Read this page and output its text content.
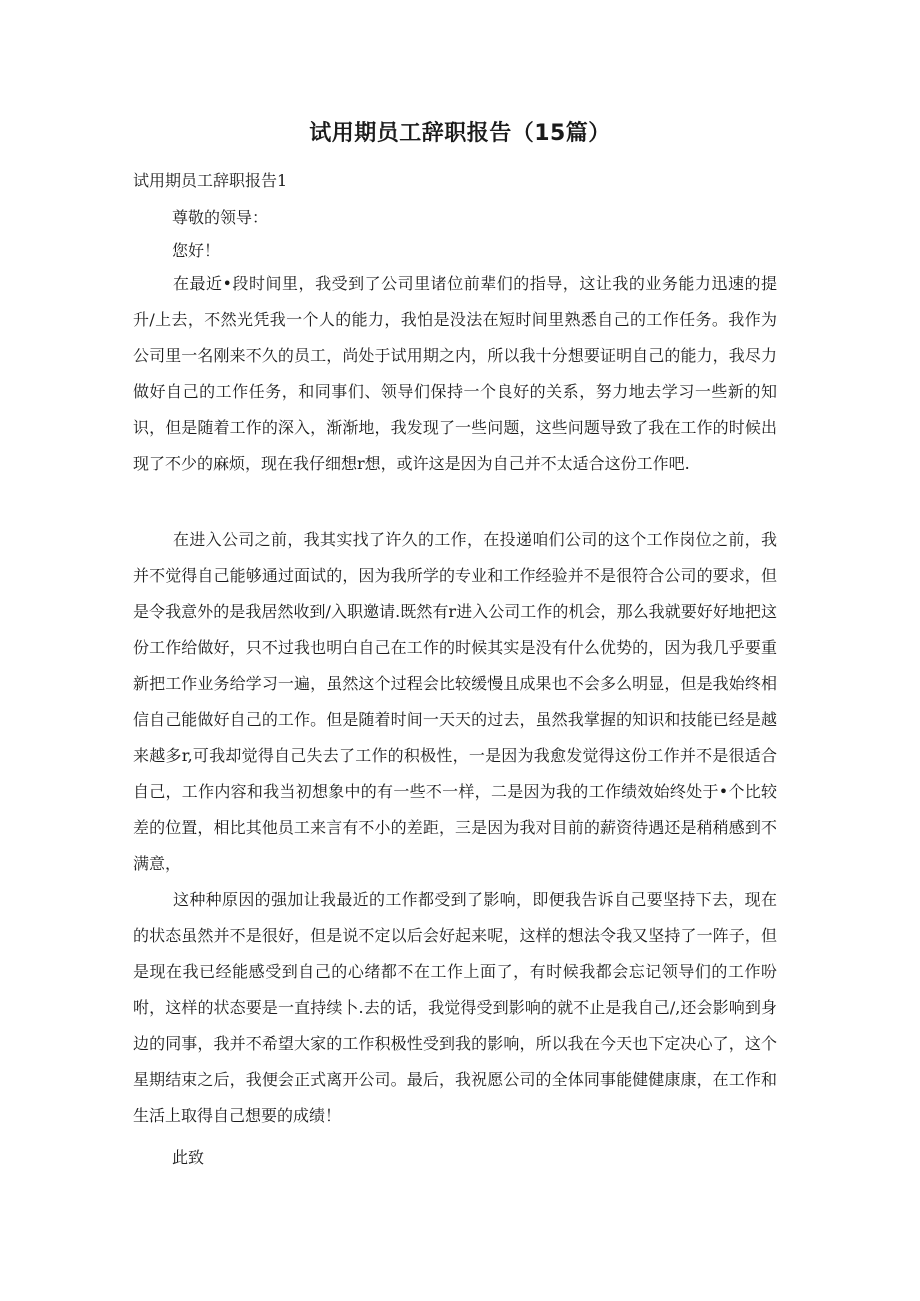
试用期员工辞职报告（15篇）

试用期员工辞职报告1

尊敬的领导：

您好！

在最近•段时间里，我受到了公司里诸位前辈们的指导，这让我的业务能力迅速的提升/上去，不然光凭我一个人的能力，我怕是没法在短时间里熟悉自己的工作任务。我作为公司里一名刚来不久的员工，尚处于试用期之内，所以我十分想要证明自己的能力，我尽力做好自己的工作任务，和同事们、领导们保持一个良好的关系，努力地去学习一些新的知识，但是随着工作的深入，渐渐地，我发现了一些问题，这些问题导致了我在工作的时候出现了不少的麻烦，现在我仔细想r想，或许这是因为自己并不太适合这份工作吧.

在进入公司之前，我其实找了许久的工作，在投递咱们公司的这个工作岗位之前，我并不觉得自己能够通过面试的，因为我所学的专业和工作经验并不是很符合公司的要求，但是令我意外的是我居然收到/入职邀请.既然有r进入公司工作的机会，那么我就要好好地把这份工作给做好，只不过我也明白自己在工作的时候其实是没有什么优势的，因为我几乎要重新把工作业务给学习一遍，虽然这个过程会比较缓慢且成果也不会多么明显，但是我始终相信自己能做好自己的工作。但是随着时间一天天的过去，虽然我掌握的知识和技能已经是越来越多r,可我却觉得自己失去了工作的积极性，一是因为我愈发觉得这份工作并不是很适合自己，工作内容和我当初想象中的有一些不一样，二是因为我的工作绩效始终处于•个比较差的位置，相比其他员工来言有不小的差距，三是因为我对目前的薪资待遇还是稍稍感到不满意，

这种种原因的强加让我最近的工作都受到了影响，即便我告诉自己要坚持下去，现在的状态虽然并不是很好，但是说不定以后会好起来呢，这样的想法令我又坚持了一阵子，但是现在我已经能感受到自己的心绪都不在工作上面了，有时候我都会忘记领导们的工作吩咐，这样的状态要是一直持续卜.去的话，我觉得受到影响的就不止是我自己/,还会影响到身边的同事，我并不希望大家的工作积极性受到我的影响，所以我在今天也下定决心了，这个星期结束之后，我便会正式离开公司。最后，我祝愿公司的全体同事能健健康康，在工作和生活上取得自己想要的成绩！

此致
